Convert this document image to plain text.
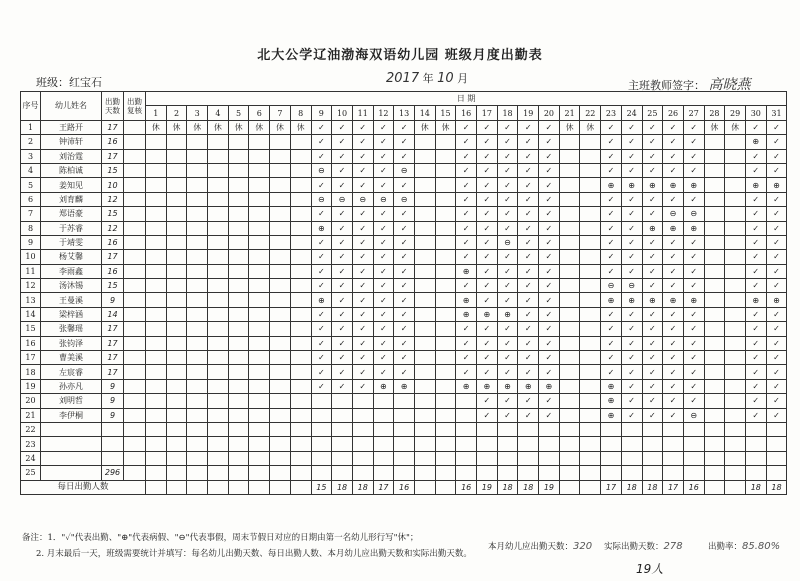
北大公学辽油渤海双语幼儿园 班级月度出勤表
班级：红宝石	2017 年 10 月
主班教师签字： 高晓燕
序号	幼儿姓名	出勤天数	出勤复核	日 期																														
				1	2	3	4	5	6	7	8	9	10	11	12	13	14	15	16	17	18	19	20	21	22	23	24	25	26	27	28	29	30	31
1	王路开	17		休	休	休	休	休	休	休	休	✓	✓	✓	✓	✓	休	休	✓	✓	✓	✓	✓	休	休	✓	✓	✓	✓	✓	休	休	✓	✓
2	钟沛轩	16										✓	✓	✓	✓	✓			✓	✓	✓	✓	✓			✓	✓	✓	✓	✓			⊕	✓
3	刘治霆	17										✓	✓	✓	✓	✓			✓	✓	✓	✓	✓			✓	✓	✓	✓	✓			✓	✓
4	陈柏诚	15										⊖	✓	✓	✓	⊖			✓	✓	✓	✓	✓			✓	✓	✓	✓	✓			✓	✓
5	姜知见	10										✓	✓	✓	✓	✓			✓	✓	✓	✓	✓			⊕	⊕	⊕	⊕	⊕			⊕	⊕
6	刘育麟	12										⊖	⊖	⊖	⊖	⊖			✓	✓	✓	✓	✓			✓	✓	✓	✓	✓			✓	✓
7	郑语豪	15										✓	✓	✓	✓	✓			✓	✓	✓	✓	✓			✓	✓	✓	⊖	⊖			✓	✓
8	于苏睿	12										⊕	✓	✓	✓	✓			✓	✓	✓	✓	✓			✓	✓	⊕	⊕	⊕			✓	✓
9	于靖雯	16										✓	✓	✓	✓	✓			✓	✓	⊖	✓	✓			✓	✓	✓	✓	✓			✓	✓
10	杨艾馨	17										✓	✓	✓	✓	✓			✓	✓	✓	✓	✓			✓	✓	✓	✓	✓			✓	✓
11	李雨鑫	16										✓	✓	✓	✓	✓			⊕	✓	✓	✓	✓			✓	✓	✓	✓	✓			✓	✓
12	汤沐锡	15										✓	✓	✓	✓	✓			✓	✓	✓	✓	✓			⊖	⊖	✓	✓	✓			✓	✓
13	王曼溪	9										⊕	✓	✓	✓	✓			⊕	✓	✓	✓	✓			⊕	⊕	⊕	⊕	⊕			⊕	⊕
14	梁梓涵	14										✓	✓	✓	✓	✓			⊕	⊕	⊕	✓	✓			✓	✓	✓	✓	✓			✓	✓
15	张馨瑶	17										✓	✓	✓	✓	✓			✓	✓	✓	✓	✓			✓	✓	✓	✓	✓			✓	✓
16	张钧泽	17										✓	✓	✓	✓	✓			✓	✓	✓	✓	✓			✓	✓	✓	✓	✓			✓	✓
17	曹美溪	17										✓	✓	✓	✓	✓			✓	✓	✓	✓	✓			✓	✓	✓	✓	✓			✓	✓
18	左宸睿	17										✓	✓	✓	✓	✓			✓	✓	✓	✓	✓			✓	✓	✓	✓	✓			✓	✓
19	孙亦凡	9										✓	✓	✓	⊕	⊕			⊕	⊕	⊕	⊕	⊕			⊕	✓	✓	✓	✓			✓	✓
20	刘明哲	9																		✓	✓	✓	✓			⊕	✓	✓	✓	✓			✓	✓
21	李伊桐	9																		✓	✓	✓	✓			⊕	✓	✓	✓	⊖			✓	✓
22																																		
23																																		
24																																		
25		296																																
每日出勤人数												15	18	18	17	16			16	19	18	18	19			17	18	18	17	16			18	18
备注：1．"✓"代表出勤、"⊕"代表病假、"⊖"代表事假，周末节假日对应的日期由第一名幼儿形行写"休"；
2. 月末最后一天，班级需要统计并填写：每名幼儿出勤天数、每日出勤人数、本月幼儿应出勤天数和实际出勤天数。
本月幼儿应出勤天数：320 实际出勤天数：278	出勤率：85.80%
19人
